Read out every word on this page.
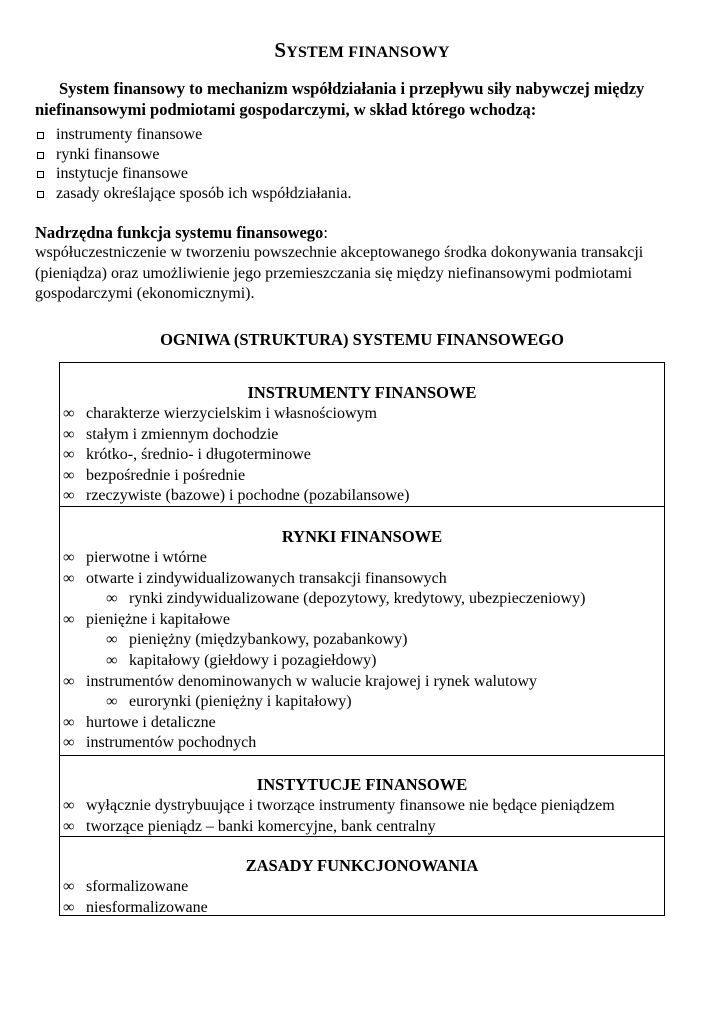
SYSTEM FINANSOWY
System finansowy to mechanizm współdziałania i przepływu siły nabywczej między niefinansowymi podmiotami gospodarczymi, w skład którego wchodzą:
instrumenty finansowe
rynki finansowe
instytucje finansowe
zasady określające sposób ich współdziałania.
Nadrzędna funkcja systemu finansowego:
współuczestniczenie w tworzeniu powszechnie akceptowanego środka dokonywania transakcji (pieniądza) oraz umożliwienie jego przemieszczania się między niefinansowymi podmiotami gospodarczymi (ekonomicznymi).
OGNIWA (STRUKTURA) SYSTEMU FINANSOWEGO
INSTRUMENTY FINANSOWE
∞ charakterze wierzycielskim i własnościowym
∞ stałym i zmiennym dochodzie
∞ krótko-, średnio- i długoterminowe
∞ bezpośrednie i pośrednie
∞ rzeczywiste (bazowe) i pochodne (pozabilansowe)
RYNKI FINANSOWE
∞ pierwotne i wtórne
∞ otwarte i zindywidualizowanych transakcji finansowych
∞ rynki zindywidualizowane (depozytowy, kredytowy, ubezpieczeniowy)
∞ pieniężne i kapitałowe
∞ pieniężny (międzybankowy, pozabankowy)
∞ kapitałowy (giełdowy i pozagiełdowy)
∞ instrumentów denominowanych w walucie krajowej i rynek walutowy
∞ eurorynki (pieniężny i kapitałowy)
∞ hurtowe i detaliczne
∞ instrumentów pochodnych
INSTYTUCJE FINANSOWE
∞ wyłącznie dystrybuujące i tworzące instrumenty finansowe nie będące pieniądzem
∞ tworzące pieniądz – banki komercyjne, bank centralny
ZASADY FUNKCJONOWANIA
∞ sformalizowane
∞ niesformalizowane
